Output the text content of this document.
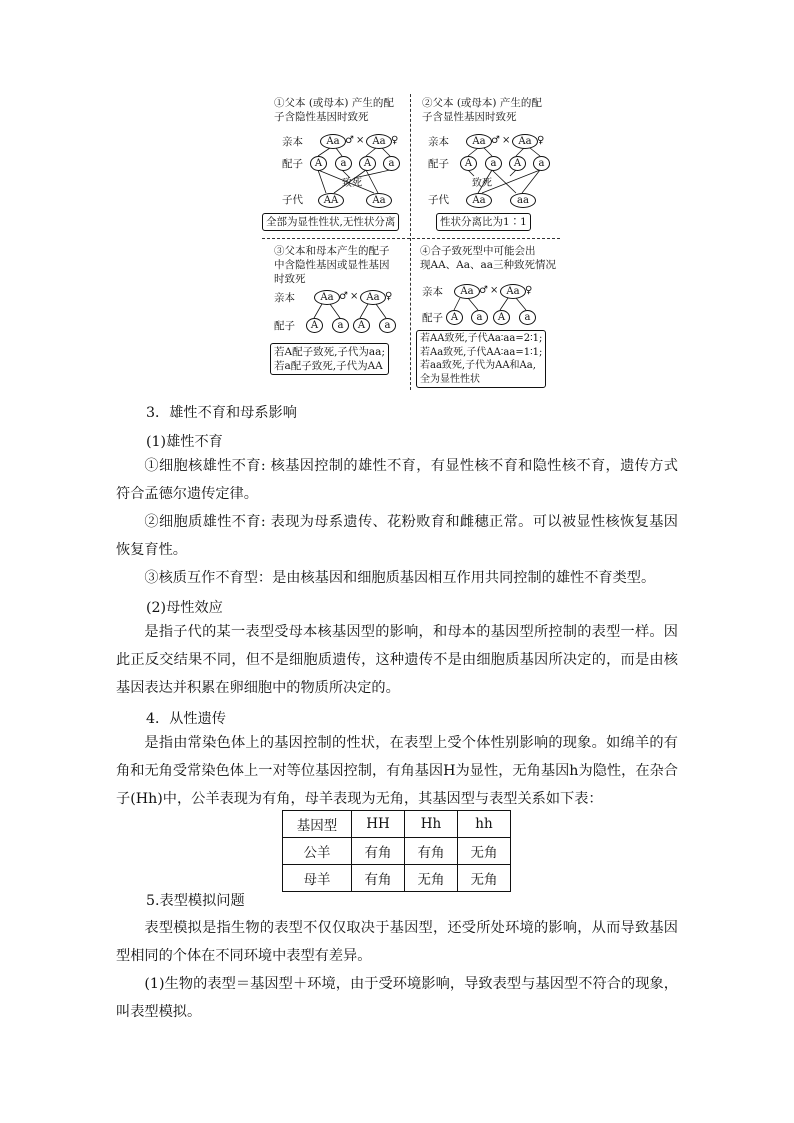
①父本 (或母本) 产生的配
子含隐性基因时致死
亲本	Aa ♂ × Aa ♀
配子	A	a	A	a
致死
子代	AA	Aa
全部为显性性状,无性状分离
②父本 (或母本) 产生的配
子含显性基因时致死
亲本	Aa ♂ × Aa ♀
配子	A	a	A	a
致死
子代	Aa	aa
性状分离比为1∶1
③父本和母本产生的配子
中含隐性基因或显性基因
时致死
亲本	Aa ♂ × Aa ♀
配子	A	a	A	a
若A配子致死,子代为aa;
若a配子致死,子代为AA
④合子致死型中可能会出
现AA、Aa、aa三种致死情况
亲本	Aa ♂ × Aa ♀
配子 A	a	A	a
若AA致死,子代Aa∶aa=2∶1;
若Aa致死,子代AA∶aa=1∶1;
若aa致死,子代为AA和Aa,
全为显性性状
3．雄性不育和母系影响
(1)雄性不育
①细胞核雄性不育: 核基因控制的雄性不育，有显性核不育和隐性核不育，遗传方式符合孟德尔遗传定律。
②细胞质雄性不育: 表现为母系遗传、花粉败育和雌穗正常。可以被显性核恢复基因恢复育性。
③核质互作不育型：是由核基因和细胞质基因相互作用共同控制的雄性不育类型。
(2)母性效应
是指子代的某一表型受母本核基因型的影响，和母本的基因型所控制的表型一样。因此正反交结果不同，但不是细胞质遗传，这种遗传不是由细胞质基因所决定的，而是由核基因表达并积累在卵细胞中的物质所决定的。
4．从性遗传
是指由常染色体上的基因控制的性状，在表型上受个体性别影响的现象。如绵羊的有角和无角受常染色体上一对等位基因控制，有角基因H为显性，无角基因h为隐性，在杂合子(Hh)中，公羊表现为有角，母羊表现为无角，其基因型与表型关系如下表：
基因型	HH	Hh	hh
公羊	有角	有角	无角
母羊	有角	无角	无角
5.表型模拟问题
表型模拟是指生物的表型不仅仅取决于基因型，还受所处环境的影响，从而导致基因型相同的个体在不同环境中表型有差异。
(1)生物的表型＝基因型＋环境，由于受环境影响，导致表型与基因型不符合的现象，叫表型模拟。
